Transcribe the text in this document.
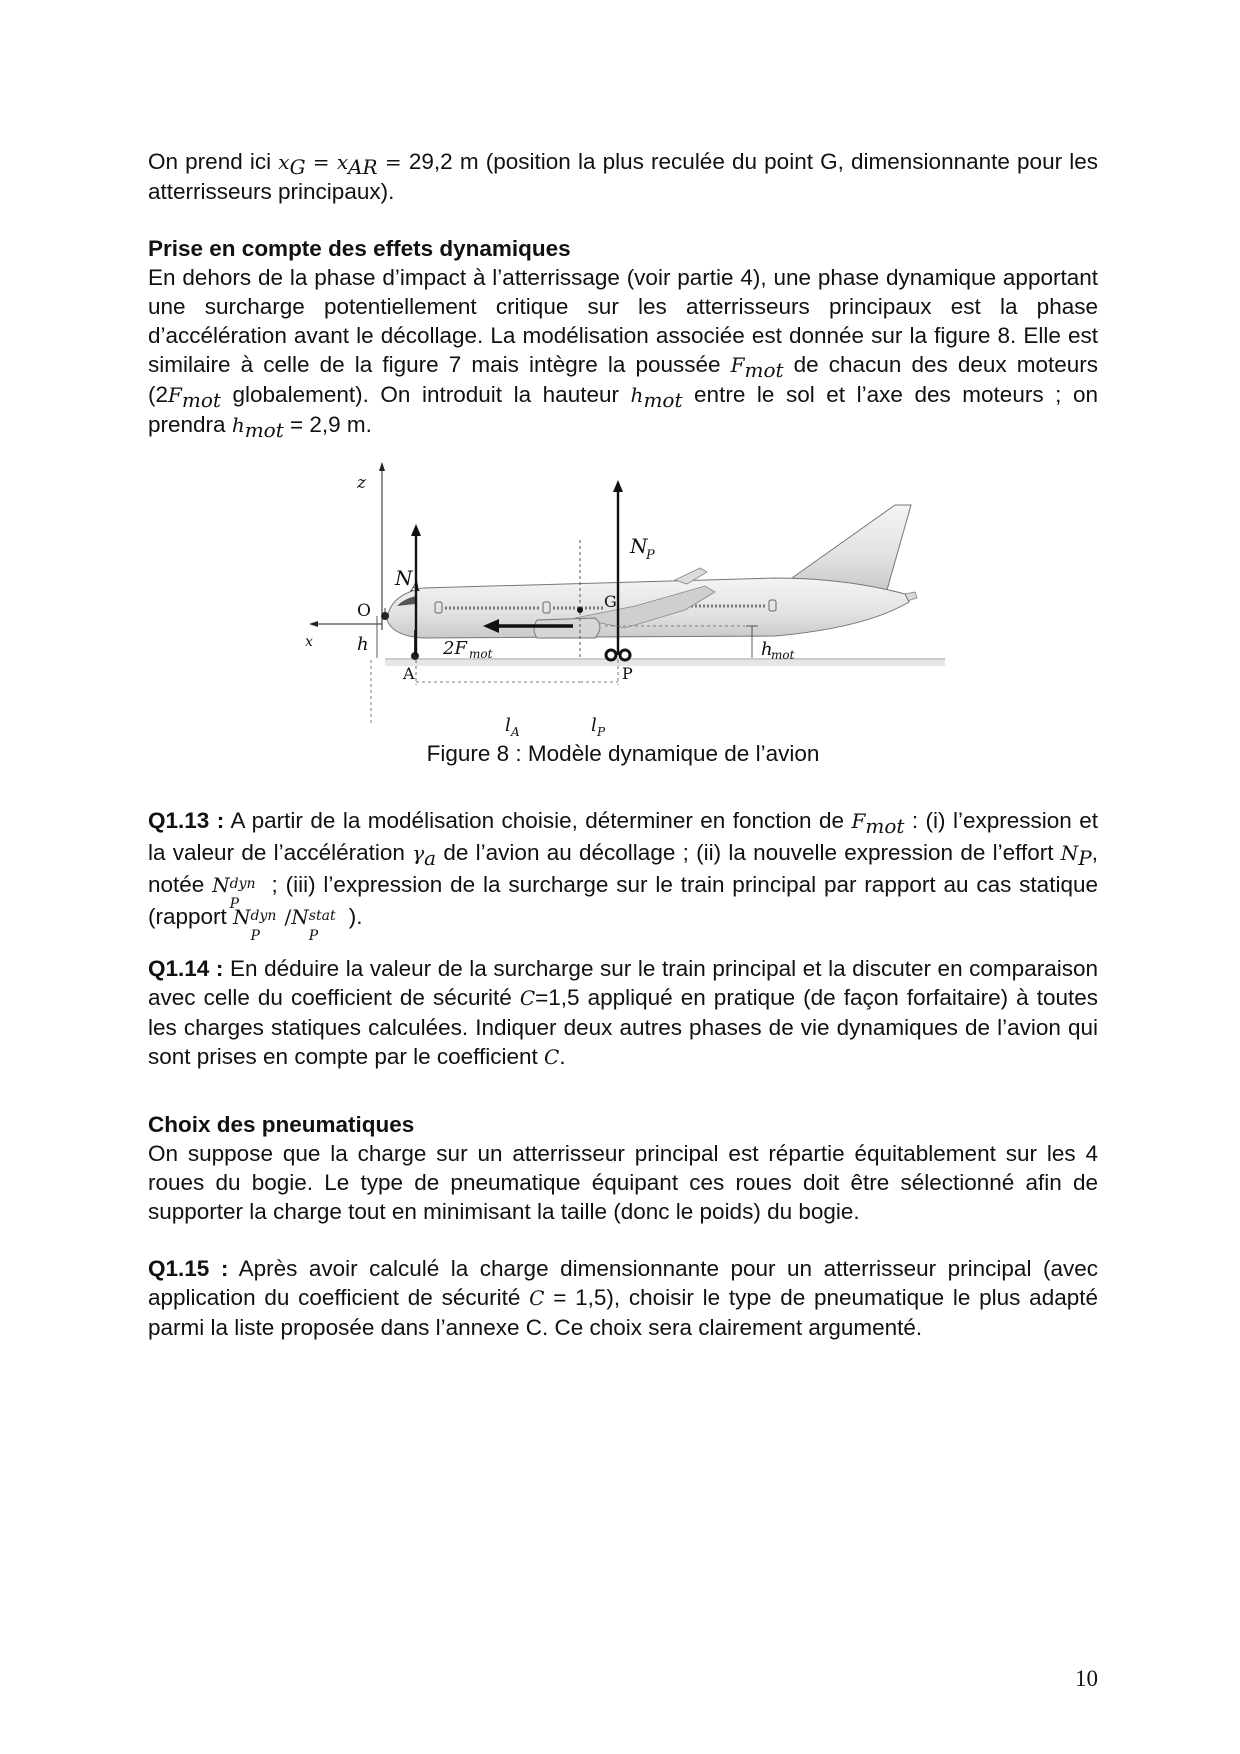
On prend ici $x_G = x_{AR} = 29,2$ m (position la plus reculée du point G, dimensionnante pour les atterrisseurs principaux).

Prise en compte des effets dynamiques

En dehors de la phase d’impact à l’atterrissage (voir partie 4), une phase dynamique apportant une surcharge potentiellement critique sur les atterrisseurs principaux est la phase d’accélération avant le décollage. La modélisation associée est donnée sur la figure 8. Elle est similaire à celle de la figure 7 mais intègre la poussée $F_{mot}$ de chacun des deux moteurs ($2F_{mot}$ globalement). On introduit la hauteur $h_{mot}$ entre le sol et l’axe des moteurs ; on prendra $h_{mot} = 2,9$ m.

z
x
O
h
N
A
N
P
G
2F mot	h
mot
A	P
l A	l P
Figure 8 : Modèle dynamique de l’avion

Q1.13 : A partir de la modélisation choisie, déterminer en fonction de $F_{mot}$ : (i) l’expression et la valeur de l’accélération $\gamma_a$ de l’avion au décollage ; (ii) la nouvelle expression de l’effort $N_P$, notée N dyn
P
; (iii) l’expression de la surcharge sur le train principal par rapport au cas statique (rapport N dyn
P
/N stat
P
).

Q1.14 : En déduire la valeur de la surcharge sur le train principal et la discuter en comparaison avec celle du coefficient de sécurité C=1,5 appliqué en pratique (de façon forfaitaire) à toutes les charges statiques calculées. Indiquer deux autres phases de vie dynamiques de l’avion qui sont prises en compte par le coefficient C.

Choix des pneumatiques

On suppose que la charge sur un atterrisseur principal est répartie équitablement sur les 4 roues du bogie. Le type de pneumatique équipant ces roues doit être sélectionné afin de supporter la charge tout en minimisant la taille (donc le poids) du bogie.

Q1.15 : Après avoir calculé la charge dimensionnante pour un atterrisseur principal (avec application du coefficient de sécurité C = 1,5), choisir le type de pneumatique le plus adapté parmi la liste proposée dans l’annexe C. Ce choix sera clairement argumenté.

10
